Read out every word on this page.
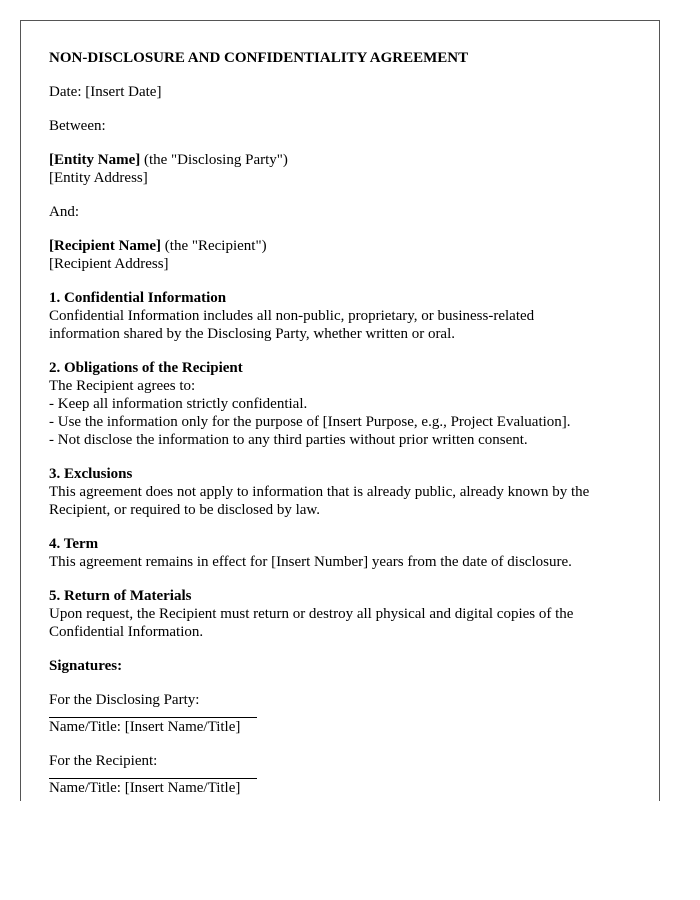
NON-DISCLOSURE AND CONFIDENTIALITY AGREEMENT

Date: [Insert Date]

Between:

[Entity Name] (the "Disclosing Party")
[Entity Address]

And:

[Recipient Name] (the "Recipient")
[Recipient Address]

1. Confidential Information
Confidential Information includes all non-public, proprietary, or business-related
information shared by the Disclosing Party, whether written or oral.
2. Obligations of the Recipient
The Recipient agrees to:
- Keep all information strictly confidential.
- Use the information only for the purpose of [Insert Purpose, e.g., Project Evaluation].
- Not disclose the information to any third parties without prior written consent.
3. Exclusions
This agreement does not apply to information that is already public, already known by the
Recipient, or required to be disclosed by law.
4. Term
This agreement remains in effect for [Insert Number] years from the date of disclosure.
5. Return of Materials
Upon request, the Recipient must return or destroy all physical and digital copies of the
Confidential Information.

Signatures:

For the Disclosing Party:

Name/Title: [Insert Name/Title]

For the Recipient:

Name/Title: [Insert Name/Title]
